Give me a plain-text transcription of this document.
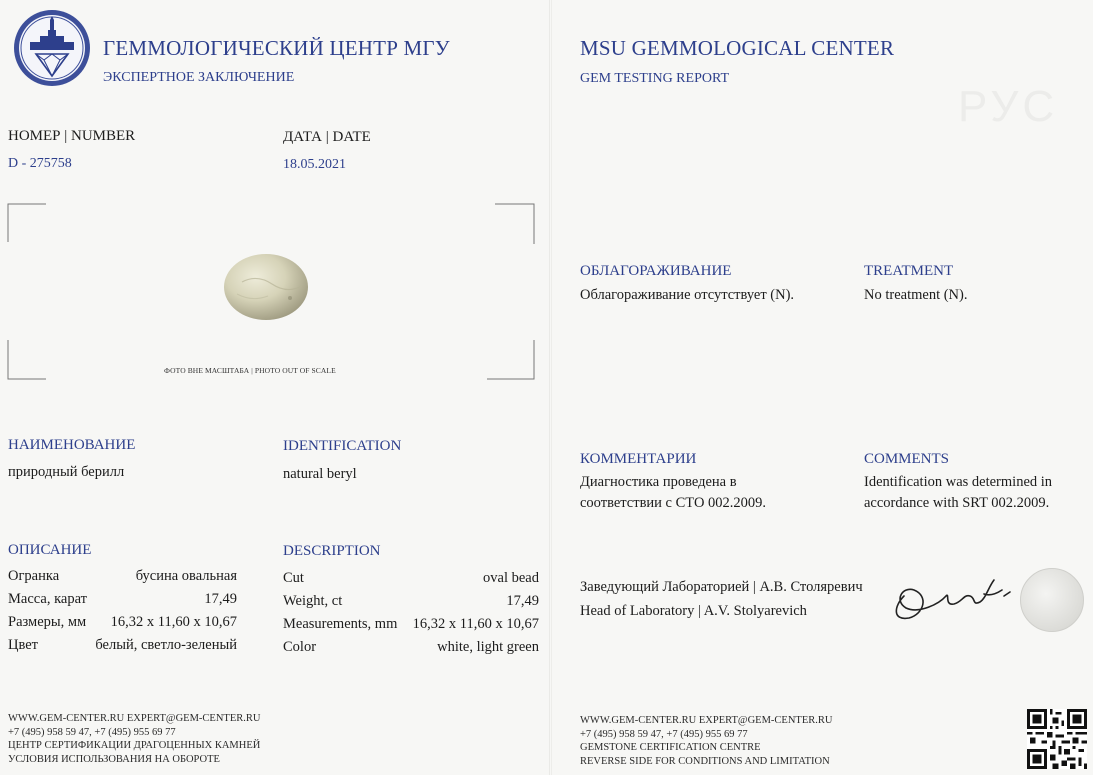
РУС
ГЕММОЛОГИЧЕСКИЙ ЦЕНТР МГУ
ЭКСПЕРТНОЕ ЗАКЛЮЧЕНИЕ
НОМЕР | NUMBER
D - 275758
ДАТА | DATE
18.05.2021
ФОТО ВНЕ МАСШТАБА | PHOTO OUT OF SCALE
НАИМЕНОВАНИЕ
природный берилл
IDENTIFICATION
natural beryl
ОПИСАНИЕ	DESCRIPTION
Огранка	бусина овальная
Масса, карат	17,49
Размеры, мм 16,32 x 11,60 x 10,67
Цвет	белый, светло-зеленый
Cut	oval bead
Weight, ct	17,49
Measurements, mm 16,32 x 11,60 x 10,67
Color	white, light green
WWW.GEM-CENTER.RU EXPERT@GEM-CENTER.RU
+7 (495) 958 59 47, +7 (495) 955 69 77
ЦЕНТР СЕРТИФИКАЦИИ ДРАГОЦЕННЫХ КАМНЕЙ
УСЛОВИЯ ИСПОЛЬЗОВАНИЯ НА ОБОРОТЕ
MSU GEMMOLOGICAL CENTER
GEM TESTING REPORT
ОБЛАГОРАЖИВАНИЕ
Облагораживание отсутствует (N).
TREATMENT
No treatment (N).
КОММЕНТАРИИ
Диагностика проведена в
соответствии с СТО 002.2009.
COMMENTS
Identification was determined in
accordance with SRT 002.2009.
Заведующий Лабораторией | А.В. Столяревич
Head of Laboratory | A.V. Stolyarevich
WWW.GEM-CENTER.RU EXPERT@GEM-CENTER.RU
+7 (495) 958 59 47, +7 (495) 955 69 77
GEMSTONE CERTIFICATION CENTRE
REVERSE SIDE FOR CONDITIONS AND LIMITATION
